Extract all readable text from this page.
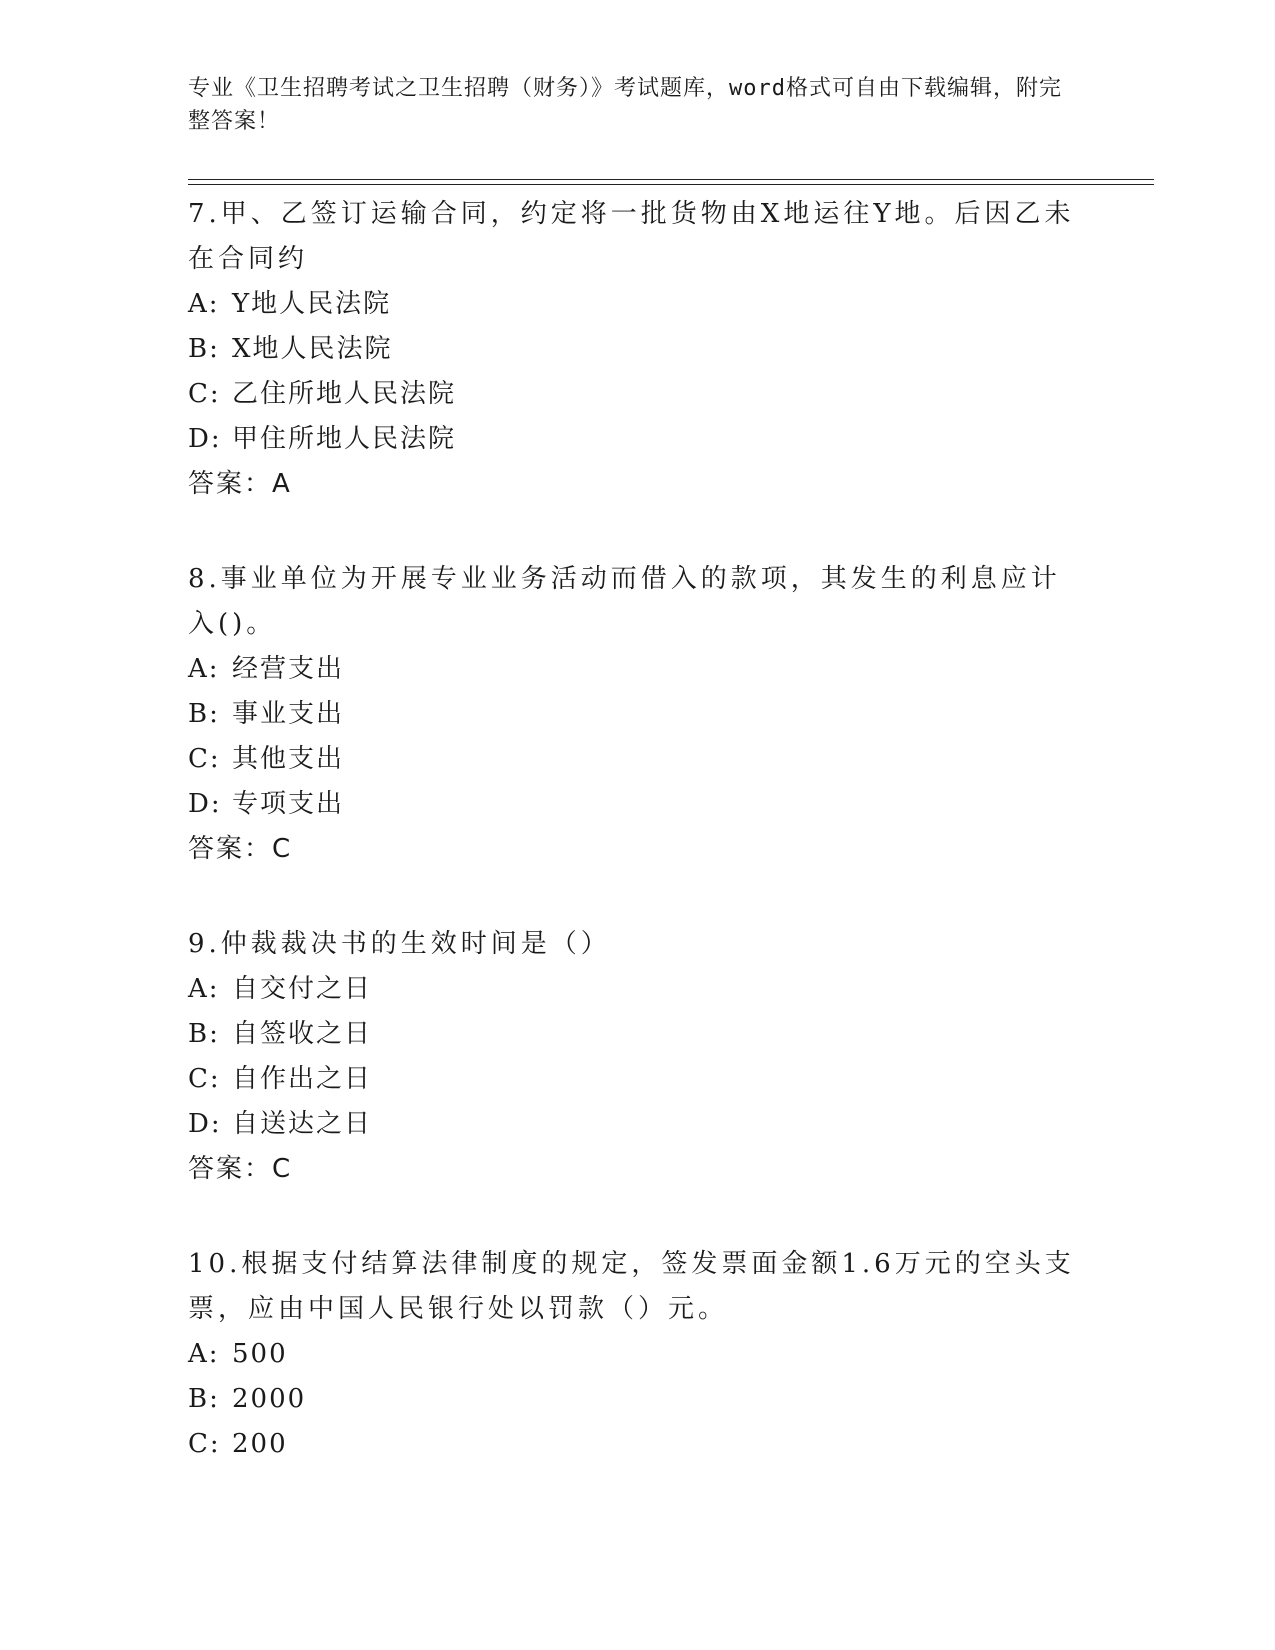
专业《卫生招聘考试之卫生招聘（财务）》考试题库，word格式可自由下载编辑，附完整答案！

7.甲、乙签订运输合同，约定将一批货物由X地运往Y地。后因乙未在合同约

A: Y地人民法院

B: X地人民法院

C: 乙住所地人民法院

D: 甲住所地人民法院

答案：A

8.事业单位为开展专业业务活动而借入的款项，其发生的利息应计入()。

A: 经营支出

B: 事业支出

C: 其他支出

D: 专项支出

答案：C

9.仲裁裁决书的生效时间是（）

A: 自交付之日

B: 自签收之日

C: 自作出之日

D: 自送达之日

答案：C

10.根据支付结算法律制度的规定，签发票面金额1.6万元的空头支票，应由中国人民银行处以罚款（）元。

A: 500

B: 2000

C: 200
